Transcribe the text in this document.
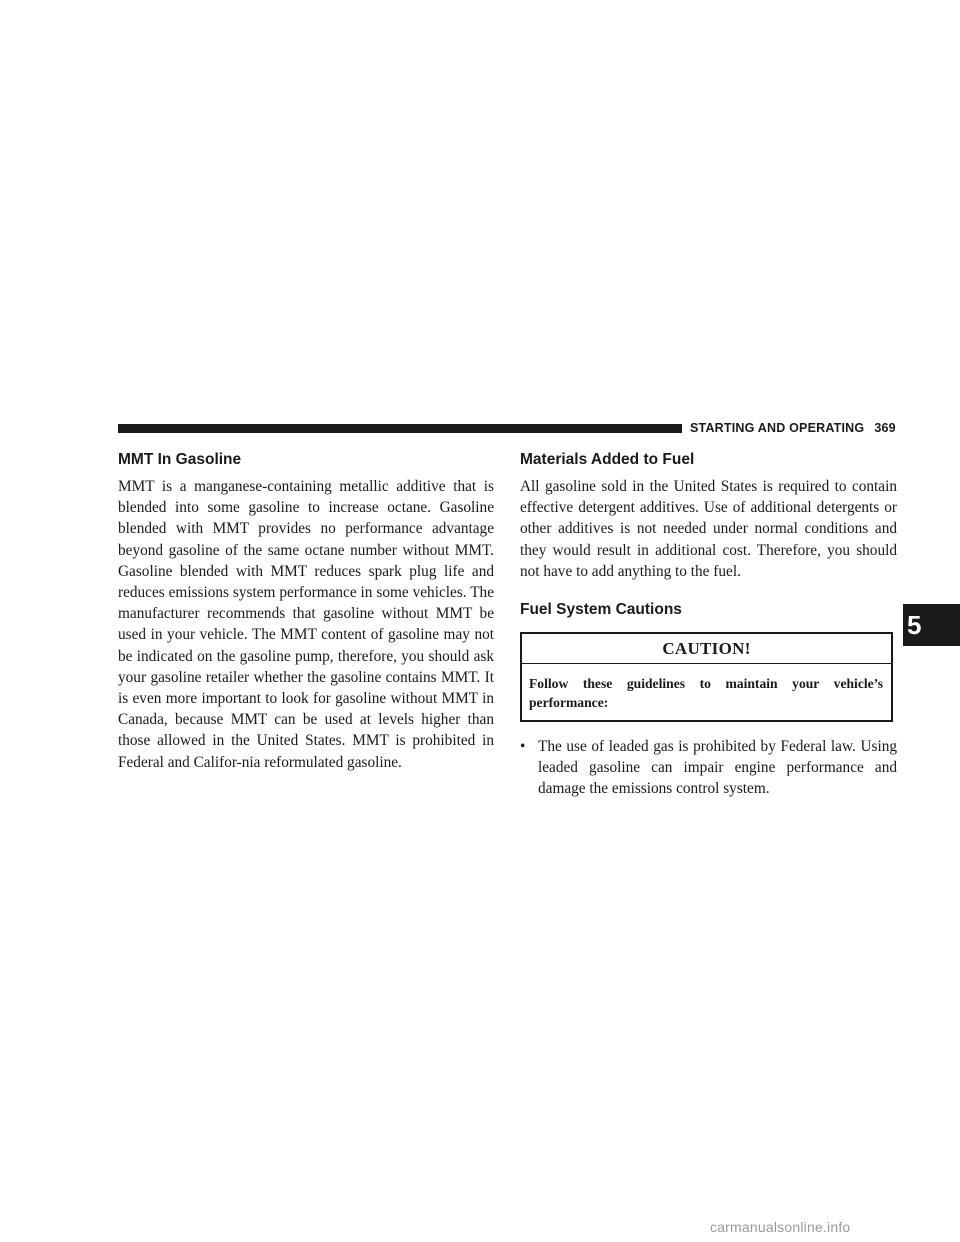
STARTING AND OPERATING 369
5
MMT In Gasoline

MMT is a manganese-containing metallic additive that is blended into some gasoline to increase octane. Gasoline blended with MMT provides no performance advantage beyond gasoline of the same octane number without MMT. Gasoline blended with MMT reduces spark plug life and reduces emissions system performance in some vehicles. The manufacturer recommends that gasoline without MMT be used in your vehicle. The MMT content of gasoline may not be indicated on the gasoline pump, therefore, you should ask your gasoline retailer whether the gasoline contains MMT. It is even more important to look for gasoline without MMT in Canada, because MMT can be used at levels higher than those allowed in the United States. MMT is prohibited in Federal and Califor-nia reformulated gasoline.

Materials Added to Fuel

All gasoline sold in the United States is required to contain effective detergent additives. Use of additional detergents or other additives is not needed under normal conditions and they would result in additional cost. Therefore, you should not have to add anything to the fuel.

Fuel System Cautions
CAUTION!
Follow these guidelines to maintain your vehicle’s performance:
• The use of leaded gas is prohibited by Federal law. Using leaded gasoline can impair engine performance and damage the emissions control system.
carmanualsonline.info
